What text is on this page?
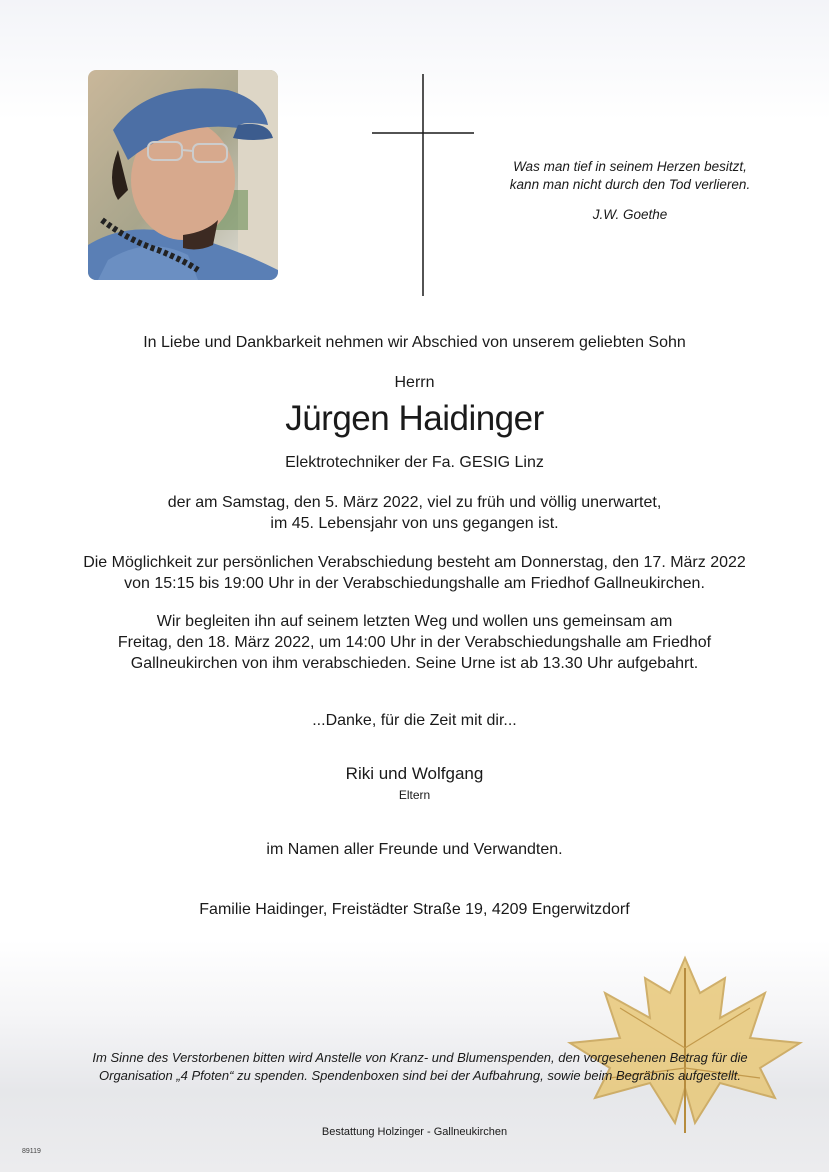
Was man tief in seinem Herzen besitzt,
kann man nicht durch den Tod verlieren.
J.W. Goethe
In Liebe und Dankbarkeit nehmen wir Abschied von unserem geliebten Sohn
Herrn
Jürgen Haidinger
Elektrotechniker der Fa. GESIG Linz
der am Samstag, den 5. März 2022, viel zu früh und völlig unerwartet,
im 45. Lebensjahr von uns gegangen ist.
Die Möglichkeit zur persönlichen Verabschiedung besteht am Donnerstag, den 17. März 2022
von 15:15 bis 19:00 Uhr in der Verabschiedungshalle am Friedhof Gallneukirchen.
Wir begleiten ihn auf seinem letzten Weg und wollen uns gemeinsam am
Freitag, den 18. März 2022, um 14:00 Uhr in der Verabschiedungshalle am Friedhof
Gallneukirchen von ihm verabschieden. Seine Urne ist ab 13.30 Uhr aufgebahrt.
...Danke, für die Zeit mit dir...
Riki und Wolfgang
Eltern
im Namen aller Freunde und Verwandten.
Familie Haidinger, Freistädter Straße 19, 4209 Engerwitzdorf
Im Sinne des Verstorbenen bitten wird Anstelle von Kranz- und Blumenspenden, den vorgesehenen Betrag für die
Organisation „4 Pfoten“ zu spenden. Spendenboxen sind bei der Aufbahrung, sowie beim Begräbnis aufgestellt.
Bestattung Holzinger - Gallneukirchen
89119
